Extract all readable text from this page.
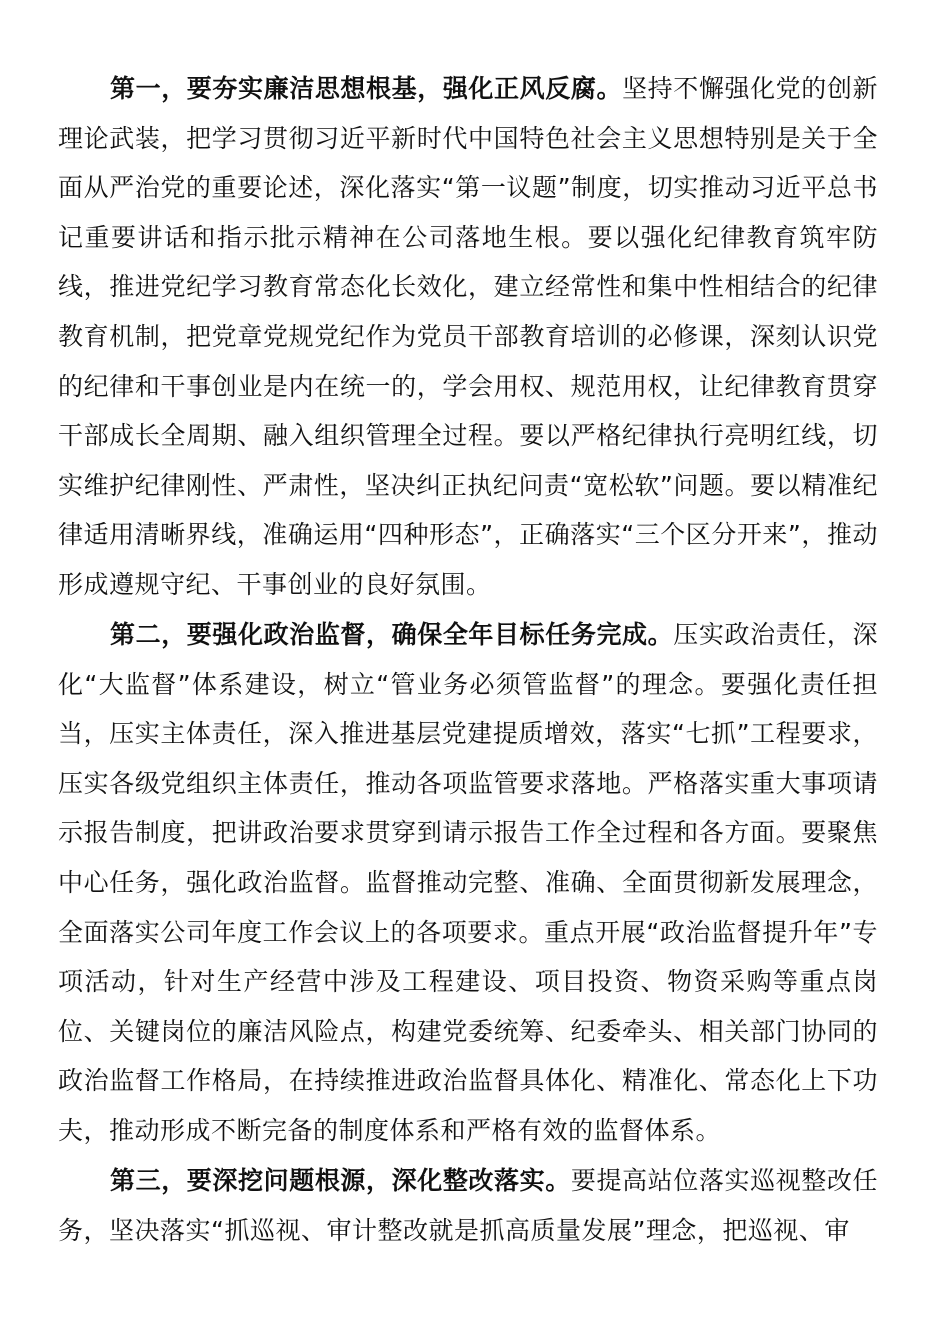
第一，要夯实廉洁思想根基，强化正风反腐。坚持不懈强化党的创新理论武装，把学习贯彻习近平新时代中国特色社会主义思想特别是关于全面从严治党的重要论述，深化落实“第一议题”制度，切实推动习近平总书记重要讲话和指示批示精神在公司落地生根。要以强化纪律教育筑牢防线，推进党纪学习教育常态化长效化，建立经常性和集中性相结合的纪律教育机制，把党章党规党纪作为党员干部教育培训的必修课，深刻认识党的纪律和干事创业是内在统一的，学会用权、规范用权，让纪律教育贯穿干部成长全周期、融入组织管理全过程。要以严格纪律执行亮明红线，切实维护纪律刚性、严肃性，坚决纠正执纪问责“宽松软”问题。要以精准纪律适用清晰界线，准确运用“四种形态”，正确落实“三个区分开来”，推动形成遵规守纪、干事创业的良好氛围。

第二，要强化政治监督，确保全年目标任务完成。压实政治责任，深化“大监督”体系建设，树立“管业务必须管监督”的理念。要强化责任担当，压实主体责任，深入推进基层党建提质增效，落实“七抓”工程要求，压实各级党组织主体责任，推动各项监管要求落地。严格落实重大事项请示报告制度，把讲政治要求贯穿到请示报告工作全过程和各方面。要聚焦中心任务，强化政治监督。监督推动完整、准确、全面贯彻新发展理念，全面落实公司年度工作会议上的各项要求。重点开展“政治监督提升年”专项活动，针对生产经营中涉及工程建设、项目投资、物资采购等重点岗位、关键岗位的廉洁风险点，构建党委统筹、纪委牵头、相关部门协同的政治监督工作格局，在持续推进政治监督具体化、精准化、常态化上下功夫，推动形成不断完备的制度体系和严格有效的监督体系。

第三，要深挖问题根源，深化整改落实。要提高站位落实巡视整改任务，坚决落实“抓巡视、审计整改就是抓高质量发展”理念，把巡视、审
